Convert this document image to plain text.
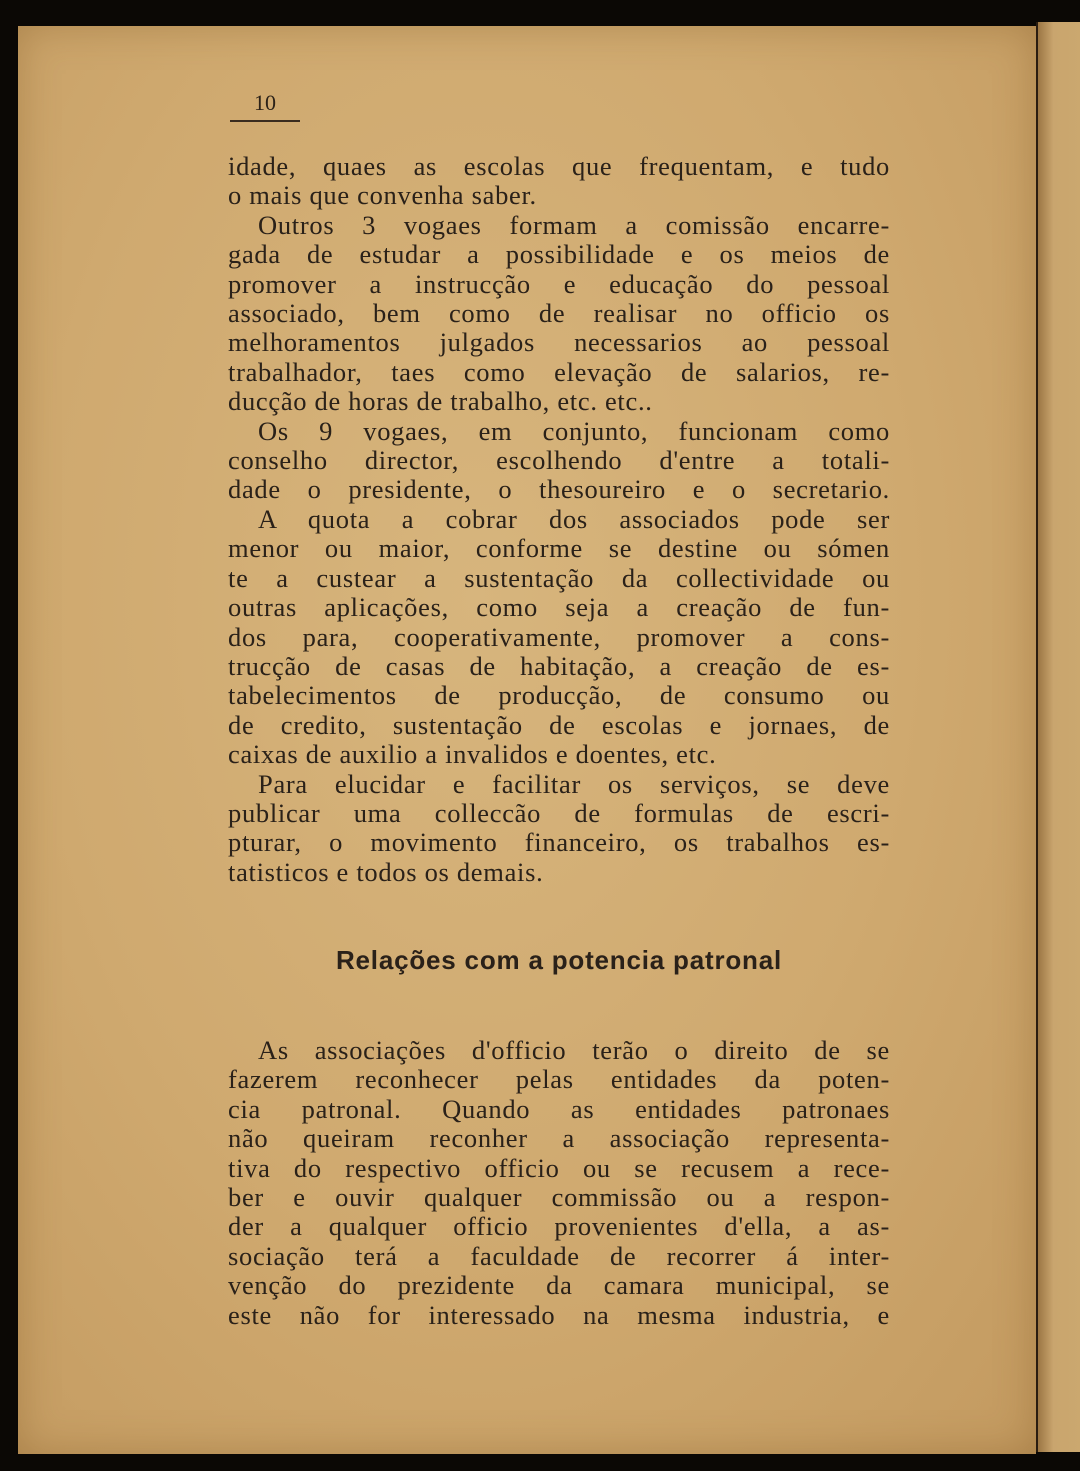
10
idade, quaes as escolas que frequentam, e tudo
o mais que convenha saber.
Outros 3 vogaes formam a comissão encarre-
gada de estudar a possibilidade e os meios de
promover a instrucção e educação do pessoal
associado, bem como de realisar no officio os
melhoramentos julgados necessarios ao pessoal
trabalhador, taes como elevação de salarios, re-
ducção de horas de trabalho, etc. etc..
Os 9 vogaes, em conjunto, funcionam como
conselho director, escolhendo d'entre a totali-
dade o presidente, o thesoureiro e o secretario.
A quota a cobrar dos associados pode ser
menor ou maior, conforme se destine ou sómen
te a custear a sustentação da collectividade ou
outras aplicações, como seja a creação de fun-
dos para, cooperativamente, promover a cons-
trucção de casas de habitação, a creação de es-
tabelecimentos de producção, de consumo ou
de credito, sustentação de escolas e jornaes, de
caixas de auxilio a invalidos e doentes, etc.
Para elucidar e facilitar os serviços, se deve
publicar uma colleccão de formulas de escri-
pturar, o movimento financeiro, os trabalhos es-
tatisticos e todos os demais.
Relações com a potencia patronal
As associações d'officio terão o direito de se
fazerem reconhecer pelas entidades da poten-
cia patronal. Quando as entidades patronaes
não queiram reconher a associação representa-
tiva do respectivo officio ou se recusem a rece-
ber e ouvir qualquer commissão ou a respon-
der a qualquer officio provenientes d'ella, a as-
sociação terá a faculdade de recorrer á inter-
venção do prezidente da camara municipal, se
este não for interessado na mesma industria, e
